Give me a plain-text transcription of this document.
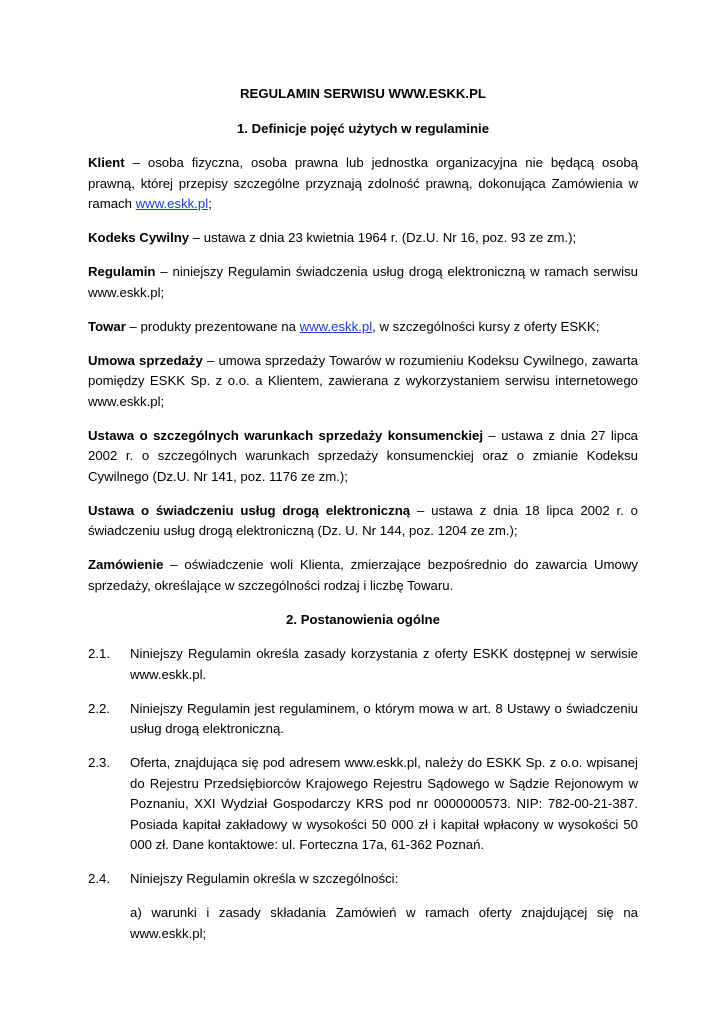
REGULAMIN SERWISU WWW.ESKK.PL

1. Definicje pojęć użytych w regulaminie

Klient – osoba fizyczna, osoba prawna lub jednostka organizacyjna nie będącą osobą prawną, której przepisy szczególne przyznają zdolność prawną, dokonująca Zamówienia w ramach www.eskk.pl;

Kodeks Cywilny – ustawa z dnia 23 kwietnia 1964 r. (Dz.U. Nr 16, poz. 93 ze zm.);

Regulamin – niniejszy Regulamin świadczenia usług drogą elektroniczną w ramach serwisu www.eskk.pl;

Towar – produkty prezentowane na www.eskk.pl, w szczególności kursy z oferty ESKK;

Umowa sprzedaży – umowa sprzedaży Towarów w rozumieniu Kodeksu Cywilnego, zawarta pomiędzy ESKK Sp. z o.o. a Klientem, zawierana z wykorzystaniem serwisu internetowego www.eskk.pl;

Ustawa o szczególnych warunkach sprzedaży konsumenckiej – ustawa z dnia 27 lipca 2002 r. o szczególnych warunkach sprzedaży konsumenckiej oraz o zmianie Kodeksu Cywilnego (Dz.U. Nr 141, poz. 1176 ze zm.);

Ustawa o świadczeniu usług drogą elektroniczną – ustawa z dnia 18 lipca 2002 r. o świadczeniu usług drogą elektroniczną (Dz. U. Nr 144, poz. 1204 ze zm.);

Zamówienie – oświadczenie woli Klienta, zmierzające bezpośrednio do zawarcia Umowy sprzedaży, określające w szczególności rodzaj i liczbę Towaru.

2. Postanowienia ogólne

2.1.	Niniejszy Regulamin określa zasady korzystania z oferty ESKK dostępnej w serwisie www.eskk.pl.
2.2.	Niniejszy Regulamin jest regulaminem, o którym mowa w art. 8 Ustawy o świadczeniu usług drogą elektroniczną.
2.3.	Oferta, znajdująca się pod adresem www.eskk.pl, należy do ESKK Sp. z o.o. wpisanej do Rejestru Przedsiębiorców Krajowego Rejestru Sądowego w Sądzie Rejonowym w Poznaniu, XXI Wydział Gospodarczy KRS pod nr 0000000573. NIP: 782-00-21-387. Posiada kapitał zakładowy w wysokości 50 000 zł i kapitał wpłacony w wysokości 50 000 zł. Dane kontaktowe: ul. Forteczna 17a, 61-362 Poznań.
2.4.	Niniejszy Regulamin określa w szczególności:

a) warunki i zasady składania Zamówień w ramach oferty znajdującej się na www.eskk.pl;
